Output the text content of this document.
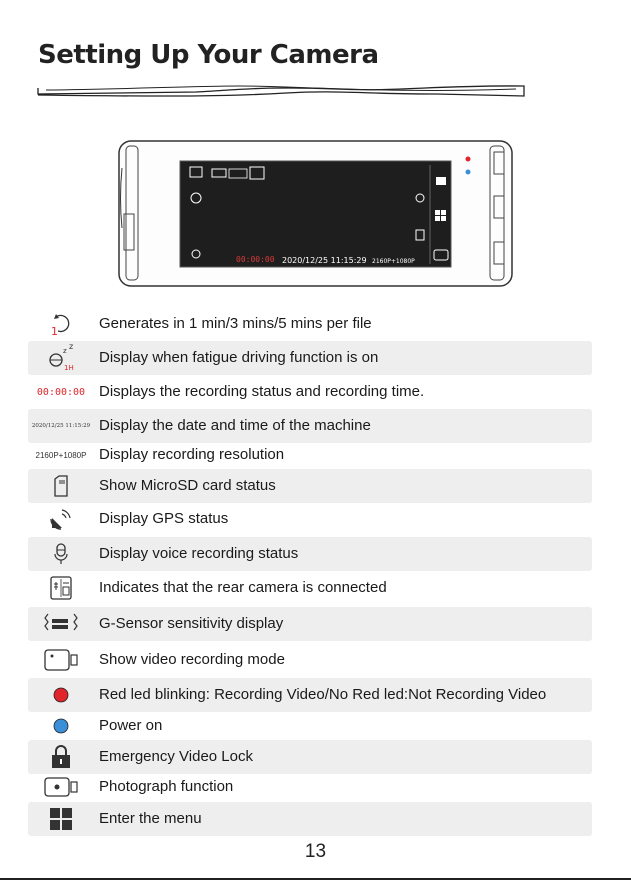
Setting Up Your Camera
00:00:00 2020/12/25 11:15:29 2160P+1080P
1	Generates in 1 min/3 mins/5 mins per file
z z
1H
Display when fatigue driving function is on
00:00:00 Displays the recording status and recording time.
2020/12/25 11:15:29 Display the date and time of the machine
2160P+1080P Display recording resolution
Show MicroSD card status
Display GPS status
Display voice recording status
Indicates that the rear camera is connected
G-Sensor sensitivity display
Show video recording mode
Red led blinking: Recording Video/No Red led:Not Recording Video
Power on
Emergency Video Lock
Photograph function
Enter the menu
13
